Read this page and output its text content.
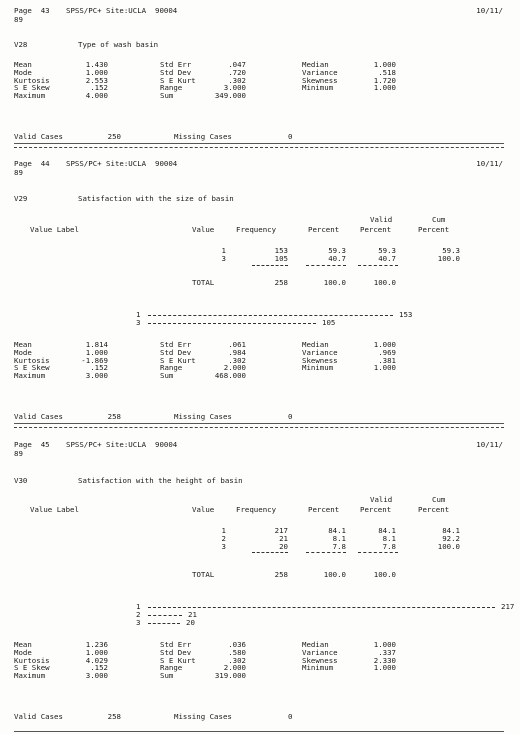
Page  43 SPSS/PC+ Site:UCLA  90004	10/11/
89
V28	Type of wash basin
Mean	1.430	Std Err	.047	Median	1.000
Mode	1.000	Std Dev	.720	Variance	.518
Kurtosis	2.553	S E Kurt	.302	Skewness	1.720
S E Skew	.152	Range	3.000	Minimum	1.000
Maximum	4.000	Sum	349.000
Valid Cases	250	Missing Cases	0
Page  44 SPSS/PC+ Site:UCLA  90004	10/11/
89
V29	Satisfaction with the size of basin
Valid	Cum
Value Label	Value	Frequency	Percent	Percent	Percent
1	153	59.3	59.3	59.3
3	105	40.7	40.7	100.0
TOTAL	258	100.0	100.0
1	153
3	105
Mean	1.814	Std Err	.061	Median	1.000
Mode	1.000	Std Dev	.984	Variance	.969
Kurtosis	-1.869	S E Kurt	.302	Skewness	.381
S E Skew	.152	Range	2.000	Minimum	1.000
Maximum	3.000	Sum	468.000
Valid Cases	258	Missing Cases	0
Page  45 SPSS/PC+ Site:UCLA  90004	10/11/
89
V30	Satisfaction with the height of basin
Valid	Cum
Value Label	Value	Frequency	Percent	Percent	Percent
1	217	84.1	84.1	84.1
2	21	8.1	8.1	92.2
3	20	7.8	7.8	100.0
TOTAL	258	100.0	100.0
1	217
2	21
3	20
Mean	1.236	Std Err	.036	Median	1.000
Mode	1.000	Std Dev	.580	Variance	.337
Kurtosis	4.029	S E Kurt	.302	Skewness	2.330
S E Skew	.152	Range	2.000	Minimum	1.000
Maximum	3.000	Sum	319.000
Valid Cases	258	Missing Cases	0
